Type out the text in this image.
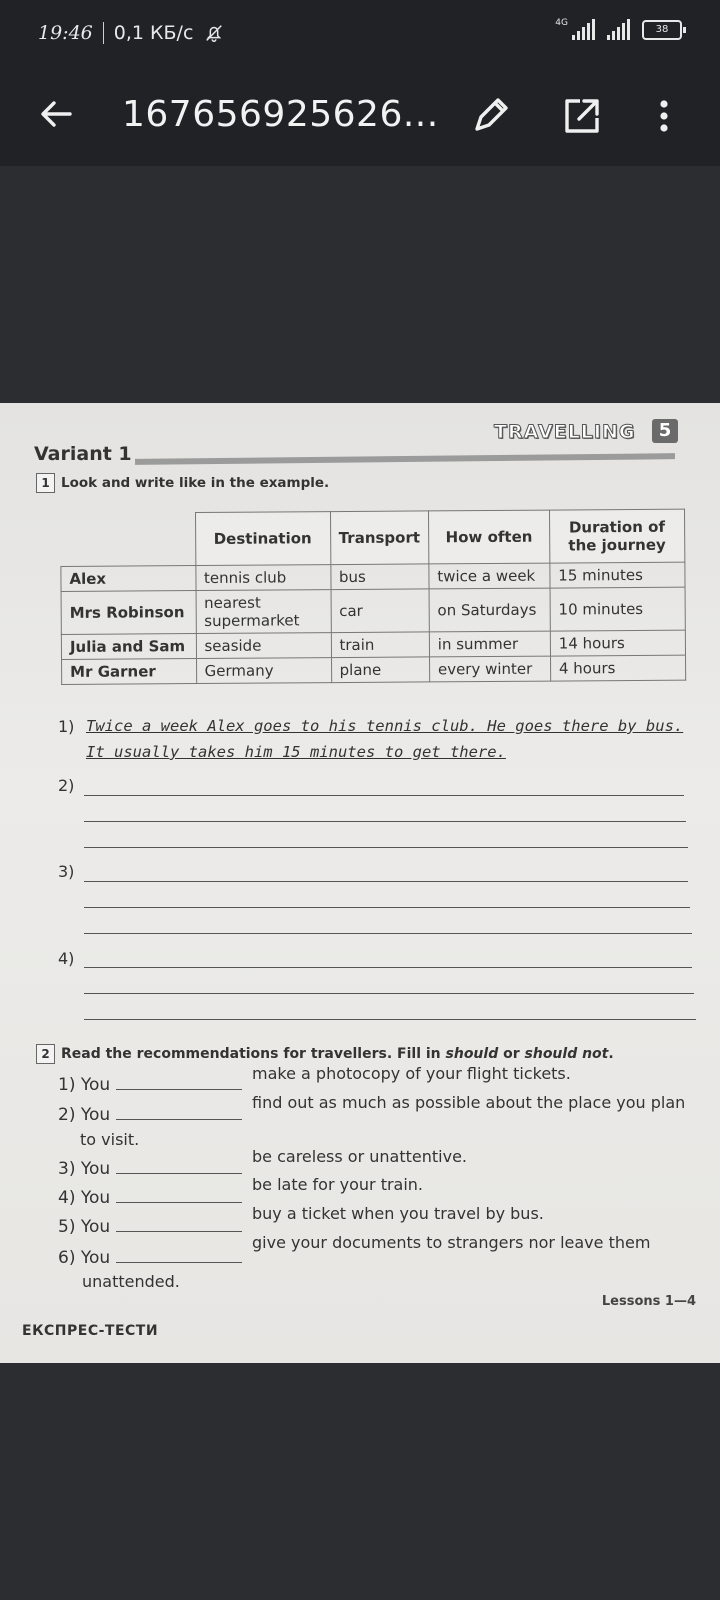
19:46 0,1 КБ/с	4G
38
167656925626...
TRAVELLING	5
Variant 1
1 Look and write like in the example.
	Destination	Transport	How often	Duration of the journey
Alex	tennis club	bus	twice a week	15 minutes
Mrs Robinson	nearest supermarket	car	on Saturdays	10 minutes
Julia and Sam	seaside	train	in summer	14 hours
Mr Garner	Germany	plane	every winter	4 hours
1) Twice a week Alex goes to his tennis club. He goes there by bus.
It usually takes him 15 minutes to get there.
2)
3)
4)
2 Read the recommendations for travellers. Fill in should or should not.
1) You
make a photocopy of your flight tickets.
2) You
find out as much as possible about the place you plan
to visit.
3) You
be careless or unattentive.
4) You
be late for your train.
5) You
buy a ticket when you travel by bus.
6) You
give your documents to strangers nor leave them
unattended.
Lessons 1—4
ЕКСПРЕС-ТЕСТИ
